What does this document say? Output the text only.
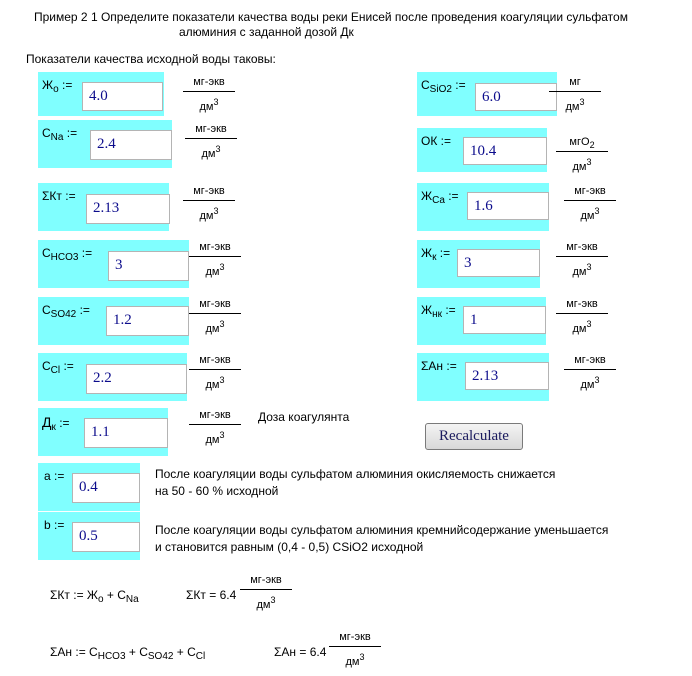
Пример 2 1 Определите показатели качества воды реки Енисей после проведения коагуляции сульфатом
алюминия с заданной дозой Дк
Показатели качества исходной воды таковы:
$Ж_o$ :=
4.0
мг-экв
$дм^3$
$C_{Na}$ :=
2.4
мг-экв
$дм^3$
ΣКт :=
2.13
мг-экв
$дм^3$
$C_{HCO3}$ :=
3
мг-экв
$дм^3$
$C_{SO42}$ :=
1.2
мг-экв
$дм^3$
$C_{Cl}$ :=
2.2
мг-экв
$дм^3$
$Д_к$ :=
1.1
мг-экв
$дм^3$
Доза коагулянта
$C_{SiO2}$ :=
6.0
мг
$дм^3$
ОК :=
10.4
мгO$_2$
$дм^3$
$Ж_{Ca}$ :=
1.6
мг-экв
$дм^3$
$Ж_к$ :=
3
мг-экв
$дм^3$
$Ж_{нк}$ :=
1
мг-экв
$дм^3$
ΣАн :=
2.13
мг-экв
$дм^3$
Recalculate
a :=
0.4
После коагуляции воды сульфатом алюминия окисляемость снижается
на 50 - 60 % исходной
b :=
0.5	После коагуляции воды сульфатом алюминия кремнийсодержание уменьшается
и становится равным (0,4 - 0,5) CSiO2 исходной
ΣКт := $Ж_o + C_{Na}$	ΣКт = 6.4
мг-экв
$дм^3$
ΣАн := $C_{HCO3} + C_{SO42} + C_{Cl}$	ΣАн = 6.4
мг-экв
$дм^3$
